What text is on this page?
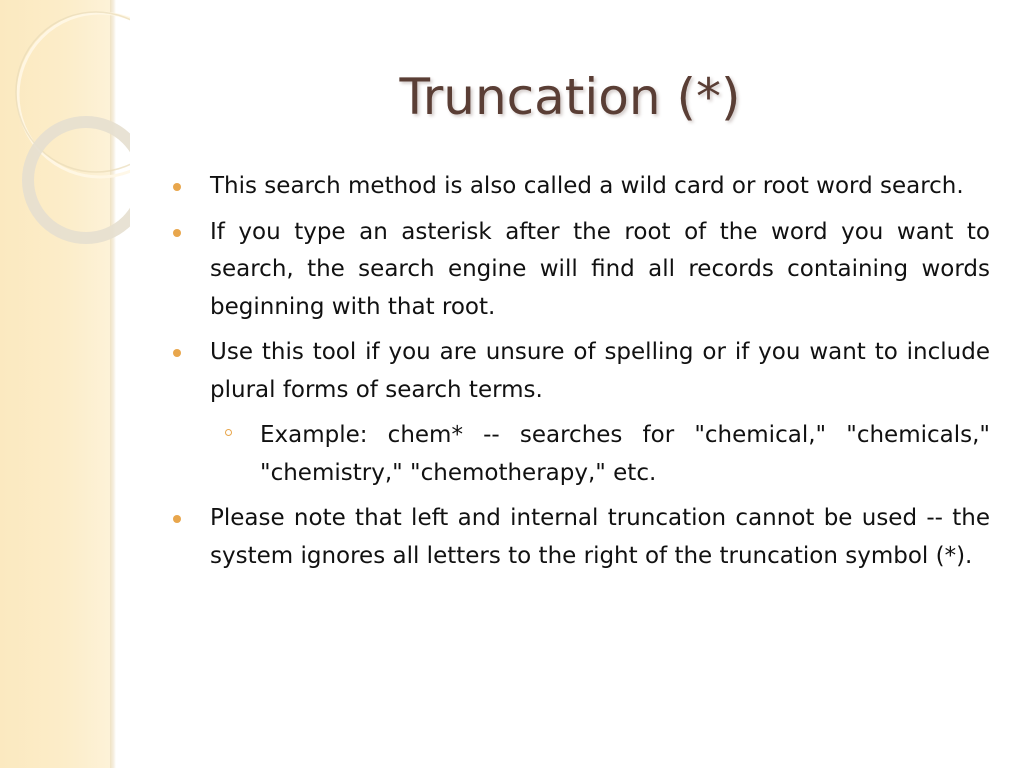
Truncation (*)
This search method is also called a wild card or root word search.
If you type an asterisk after the root of the word you want to search, the search engine will find all records containing words beginning with that root.
Use this tool if you are unsure of spelling or if you want to include plural forms of search terms.
Example: chem* -- searches for "chemical," "chemicals," "chemistry," "chemotherapy," etc.
Please note that left and internal truncation cannot be used -- the system ignores all letters to the right of the truncation symbol (*).
